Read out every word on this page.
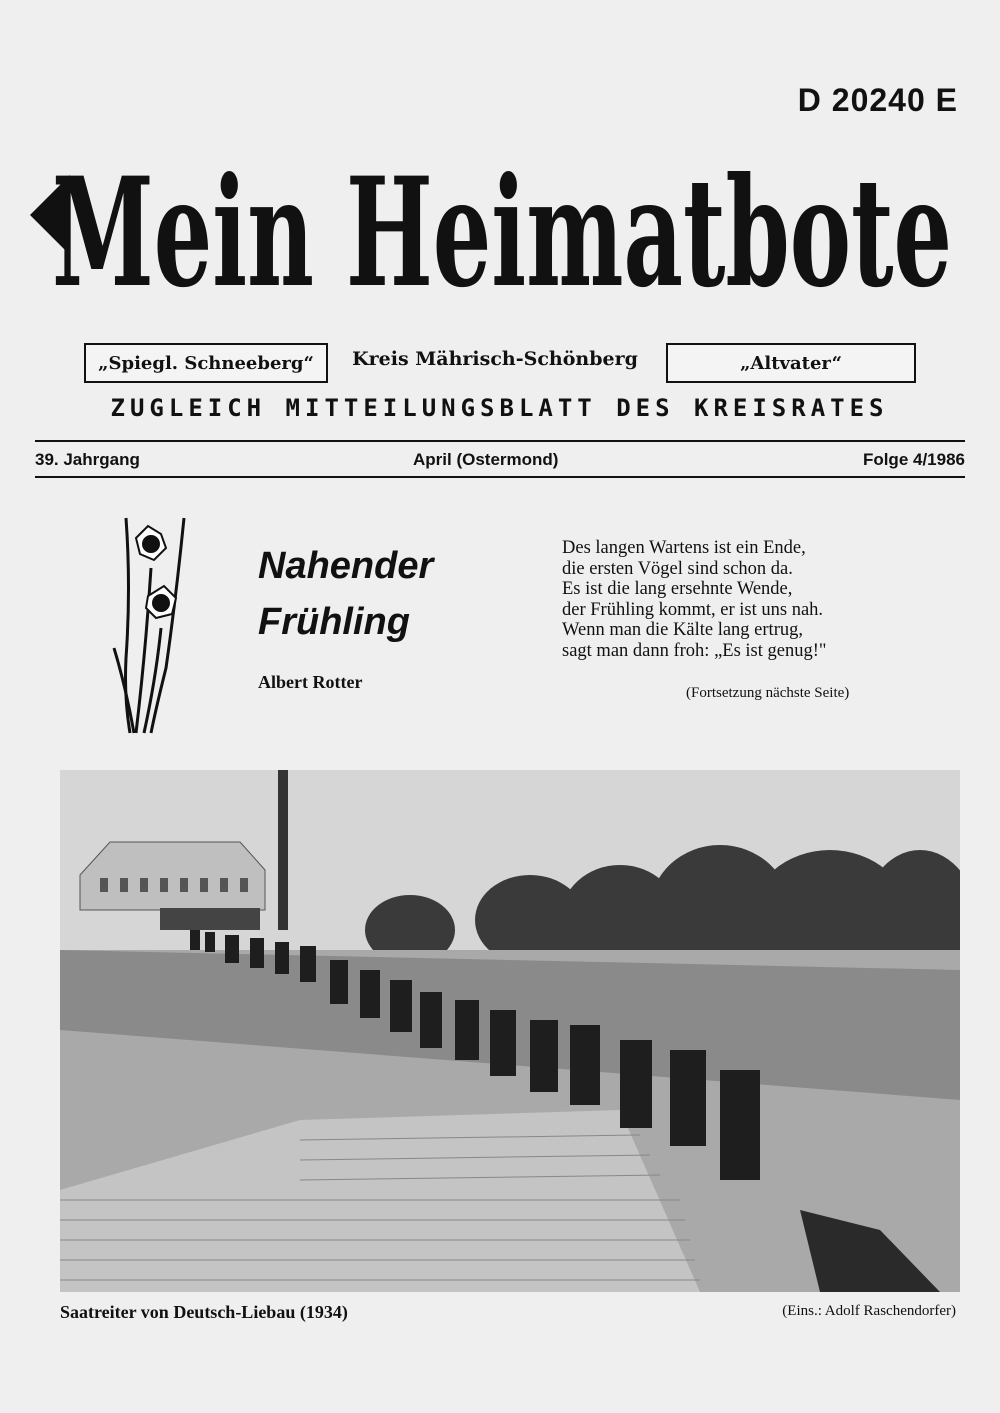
D 20240 E
Mein Heimatbote
„Spiegl. Schneeberg“	Kreis Mährisch-Schönberg	„Altvater“
ZUGLEICH MITTEILUNGSBLATT DES KREISRATES
39. Jahrgang	April (Ostermond)	Folge 4/1986
Nahender
Frühling
Albert Rotter
Des langen Wartens ist ein Ende,
die ersten Vögel sind schon da.
Es ist die lang ersehnte Wende,
der Frühling kommt, er ist uns nah.
Wenn man die Kälte lang ertrug,
sagt man dann froh: „Es ist genug!"
(Fortsetzung nächste Seite)
Saatreiter von Deutsch-Liebau (1934)	(Eins.: Adolf Raschendorfer)
